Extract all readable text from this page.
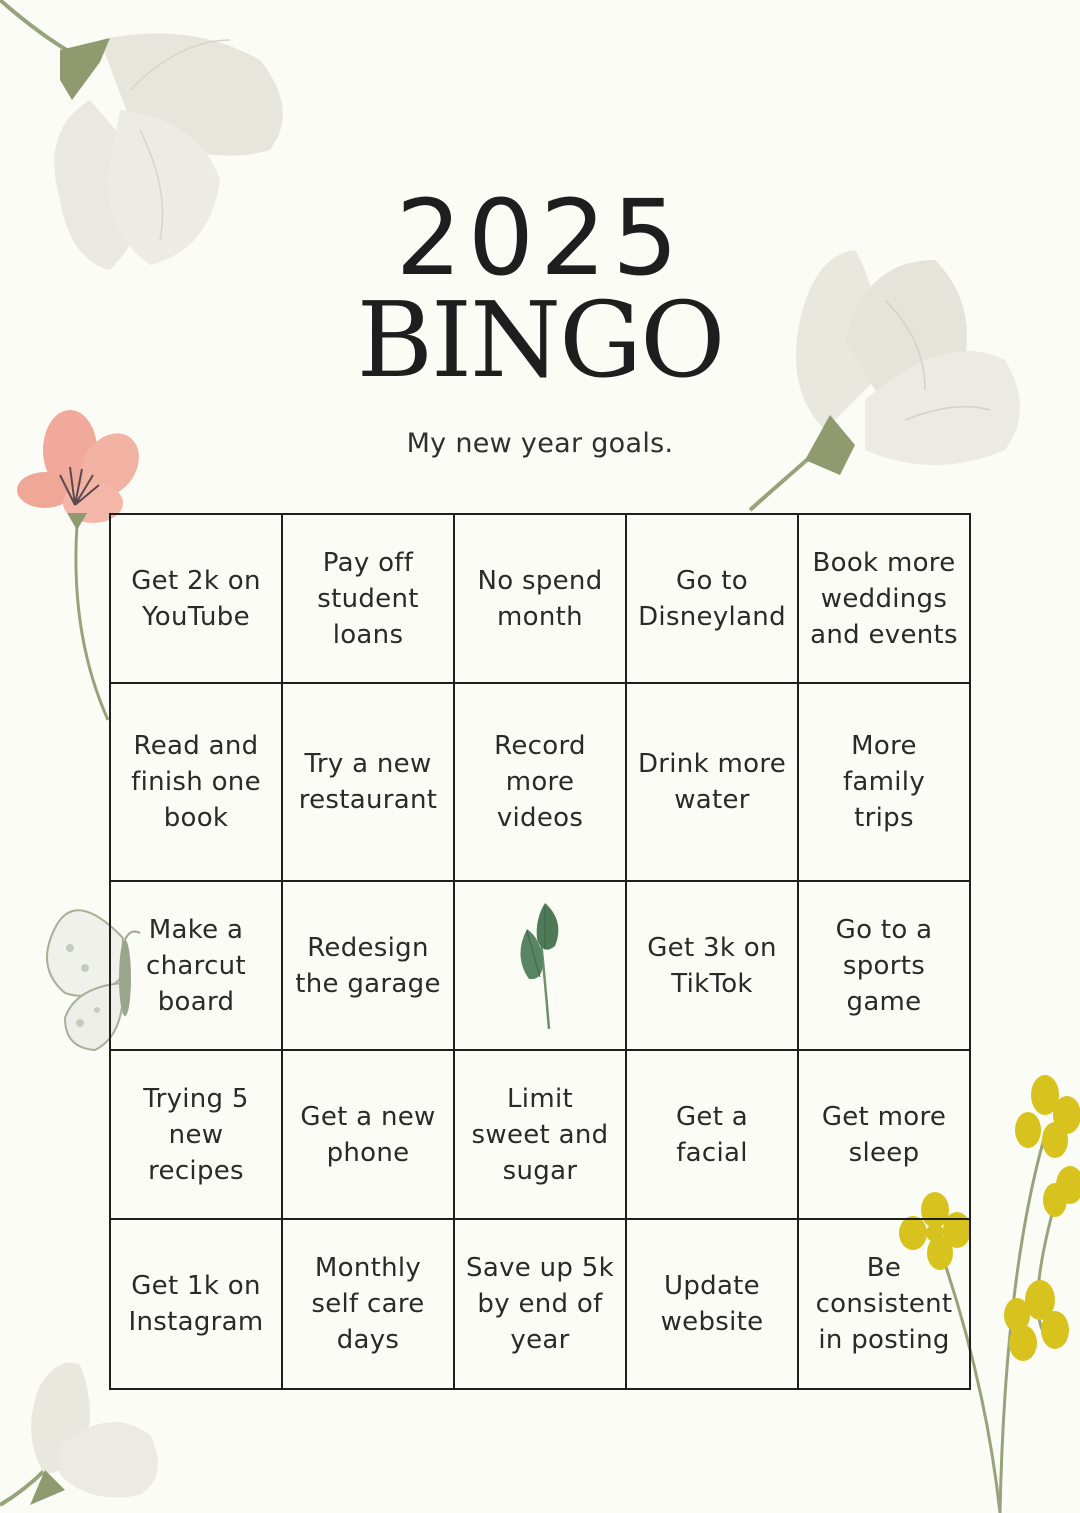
2025
BINGO
My new year goals.
Get 2k on YouTube
Pay off student loans
No spend month
Go to Disneyland
Book more weddings and events
Read and finish one book
Try a new restaurant
Record more videos
Drink more water
More family trips
Make a charcut board
Redesign the garage
Get 3k on TikTok
Go to a sports game
Trying 5 new recipes
Get a new phone
Limit sweet and sugar
Get a facial
Get more sleep
Get 1k on Instagram
Monthly self care days
Save up 5k by end of year
Update website
Be consistent in posting
